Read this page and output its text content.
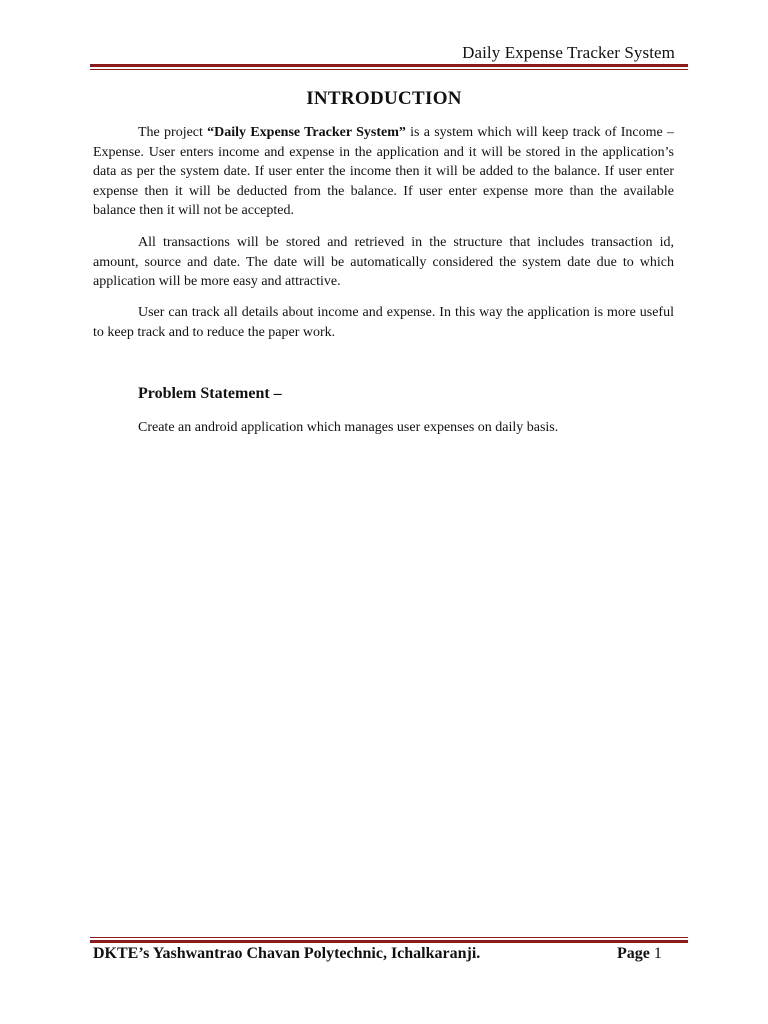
Daily Expense Tracker System
INTRODUCTION

The project “Daily Expense Tracker System” is a system which will keep track of Income – Expense. User enters income and expense in the application and it will be stored in the application’s data as per the system date. If user enter the income then it will be added to the balance. If user enter expense then it will be deducted from the balance. If user enter expense more than the available balance then it will not be accepted.

All transactions will be stored and retrieved in the structure that includes transaction id, amount, source and date. The date will be automatically considered the system date due to which application will be more easy and attractive.

User can track all details about income and expense. In this way the application is more useful to keep track and to reduce the paper work.

Problem Statement –
Create an android application which manages user expenses on daily basis.
DKTE’s Yashwantrao Chavan Polytechnic, Ichalkaranji.	Page 1
